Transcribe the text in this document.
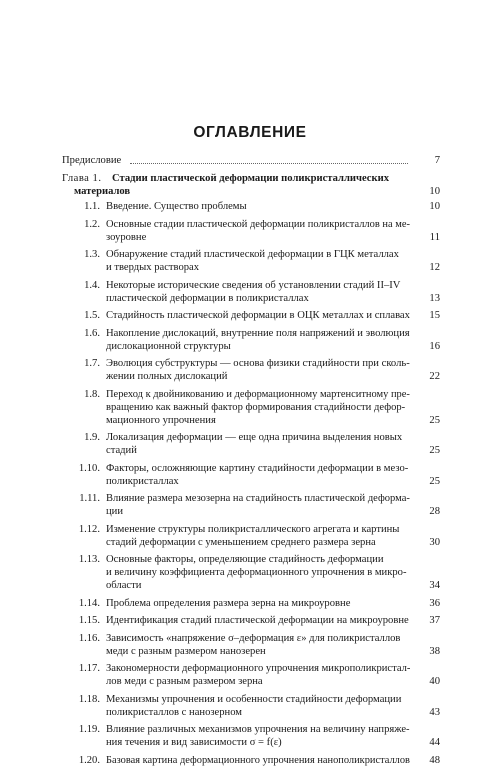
ОГЛАВЛЕНИЕ
Предисловие	7
Глава 1. Стадии пластической деформации поликристаллических
материалов	10
1.1. Введение. Существо проблемы	10
1.2. Основные стадии пластической деформации поликристаллов на ме-
зоуровне	11
1.3. Обнаружение стадий пластической деформации в ГЦК металлах
и твердых растворах	12
1.4. Некоторые исторические сведения об установлении стадий II–IV
пластической деформации в поликристаллах	13
1.5. Стадийность пластической деформации в ОЦК металлах и сплавах	15
1.6. Накопление дислокаций, внутренние поля напряжений и эволюция
дислокационной структуры	16
1.7. Эволюция субструктуры — основа физики стадийности при сколь-
жении полных дислокаций	22
1.8. Переход к двойникованию и деформационному мартенситному пре-
вращению как важный фактор формирования стадийности дефор-
мационного упрочнения	25
1.9. Локализация деформации — еще одна причина выделения новых
стадий	25
1.10. Факторы, осложняющие картину стадийности деформации в мезо-
поликристаллах	25
1.11. Влияние размера мезозерна на стадийность пластической деформа-
ции	28
1.12. Изменение структуры поликристаллического агрегата и картины
стадий деформации с уменьшением среднего размера зерна	30
1.13. Основные факторы, определяющие стадийность деформации
и величину коэффициента деформационного упрочнения в микро-
области	34
1.14. Проблема определения размера зерна на микроуровне	36
1.15. Идентификация стадий пластической деформации на микроуровне	37
1.16. Зависимость «напряжение σ–деформация ε» для поликристаллов
меди с разным размером нанозерен	38
1.17. Закономерности деформационного упрочнения микрополикристал-
лов меди с разным размером зерна	40
1.18. Механизмы упрочнения и особенности стадийности деформации
поликристаллов с нанозерном	43
1.19. Влияние различных механизмов упрочнения на величину напряже-
ния течения и вид зависимости σ = f(ε)	44
1.20. Базовая картина деформационного упрочнения нанополикристаллов	48
